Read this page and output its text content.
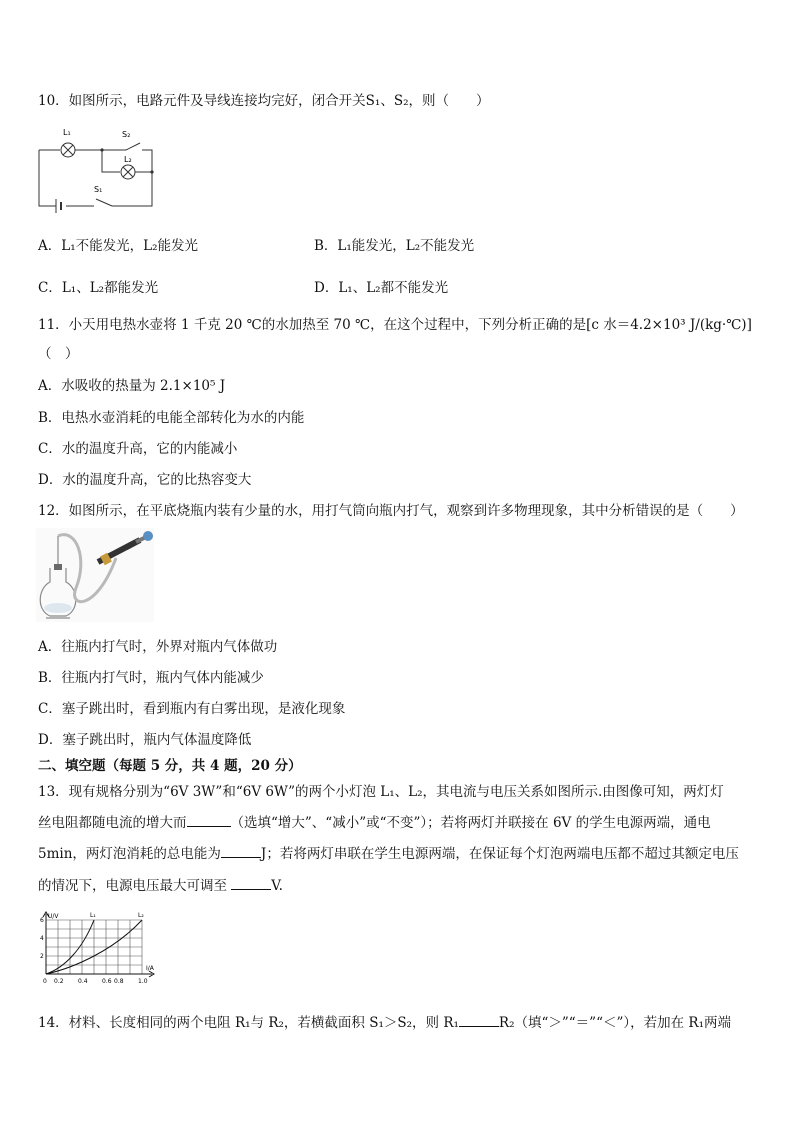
10．如图所示，电路元件及导线连接均完好，闭合开关S₁、S₂，则（　　）
L₁	S₂
L₂
S₁
A．L₁不能发光，L₂能发光	B．L₁能发光，L₂不能发光
C．L₁、L₂都能发光	D．L₁、L₂都不能发光
11．小天用电热水壶将 1 千克 20 ℃的水加热至 70 ℃，在这个过程中，下列分析正确的是[c 水＝4.2×10³ J/(kg·℃)]
（　）
A．水吸收的热量为 2.1×10⁵ J
B．电热水壶消耗的电能全部转化为水的内能
C．水的温度升高，它的内能减小
D．水的温度升高，它的比热容变大
12．如图所示，在平底烧瓶内装有少量的水，用打气筒向瓶内打气，观察到许多物理现象，其中分析错误的是（　　）
A．往瓶内打气时，外界对瓶内气体做功
B．往瓶内打气时，瓶内气体内能减少
C．塞子跳出时，看到瓶内有白雾出现，是液化现象
D．塞子跳出时，瓶内气体温度降低
二、填空题（每题 5 分，共 4 题，20 分）
13．现有规格分别为“6V 3W”和“6V 6W”的两个小灯泡 L₁、L₂，其电流与电压关系如图所示.由图像可知，两灯灯
丝电阻都随电流的增大而	（选填“增大”、“减小”或“不变”）；若将两灯并联接在 6V 的学生电源两端，通电
5min，两灯泡消耗的总电能为	J；若将两灯串联在学生电源两端，在保证每个灯泡两端电压都不超过其额定电压
的情况下，电源电压最大可调至	V.
U/V
I/A
L₁	L₂
6
4
2
0 0.2 0.4 0.6 0.8 1.0
14．材料、长度相同的两个电阻 R₁与 R₂，若横截面积 S₁＞S₂，则 R₁	R₂（填“＞”“＝”“＜”），若加在 R₁两端
